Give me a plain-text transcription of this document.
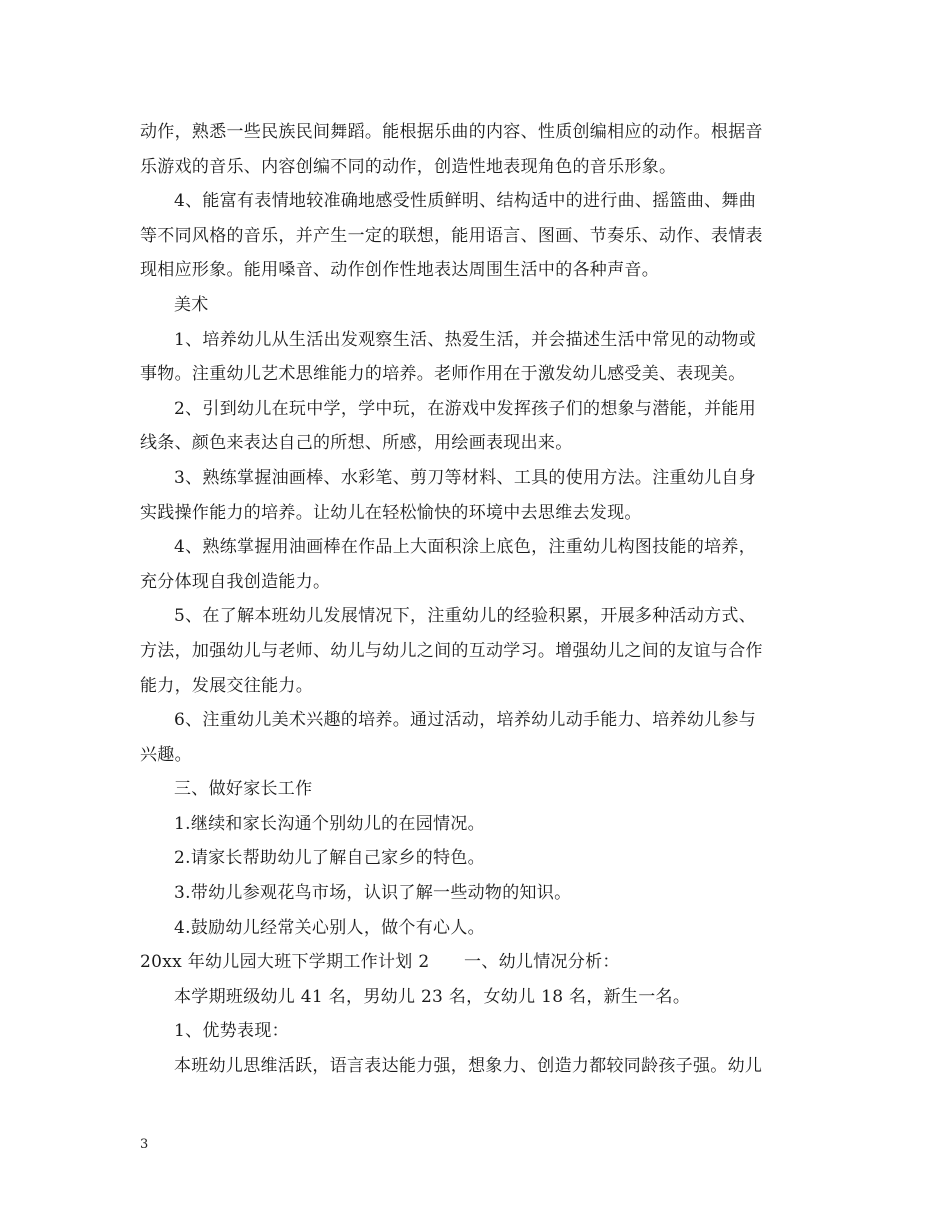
动作，熟悉一些民族民间舞蹈。能根据乐曲的内容、性质创编相应的动作。根据音

乐游戏的音乐、内容创编不同的动作，创造性地表现角色的音乐形象。

4、能富有表情地较准确地感受性质鲜明、结构适中的进行曲、摇篮曲、舞曲

等不同风格的音乐，并产生一定的联想，能用语言、图画、节奏乐、动作、表情表

现相应形象。能用嗓音、动作创作性地表达周围生活中的各种声音。

美术

1、培养幼儿从生活出发观察生活、热爱生活，并会描述生活中常见的动物或

事物。注重幼儿艺术思维能力的培养。老师作用在于激发幼儿感受美、表现美。

2、引到幼儿在玩中学，学中玩，在游戏中发挥孩子们的想象与潜能，并能用

线条、颜色来表达自己的所想、所感，用绘画表现出来。

3、熟练掌握油画棒、水彩笔、剪刀等材料、工具的使用方法。注重幼儿自身

实践操作能力的培养。让幼儿在轻松愉快的环境中去思维去发现。

4、熟练掌握用油画棒在作品上大面积涂上底色，注重幼儿构图技能的培养，

充分体现自我创造能力。

5、在了解本班幼儿发展情况下，注重幼儿的经验积累，开展多种活动方式、

方法，加强幼儿与老师、幼儿与幼儿之间的互动学习。增强幼儿之间的友谊与合作

能力，发展交往能力。

6、注重幼儿美术兴趣的培养。通过活动，培养幼儿动手能力、培养幼儿参与

兴趣。

三、做好家长工作

1.继续和家长沟通个别幼儿的在园情况。

2.请家长帮助幼儿了解自己家乡的特色。

3.带幼儿参观花鸟市场，认识了解一些动物的知识。

4.鼓励幼儿经常关心别人，做个有心人。

20xx 年幼儿园大班下学期工作计划 2　　一、幼儿情况分析：

本学期班级幼儿 41 名，男幼儿 23 名，女幼儿 18 名，新生一名。

1、优势表现：

本班幼儿思维活跃，语言表达能力强，想象力、创造力都较同龄孩子强。幼儿

3
